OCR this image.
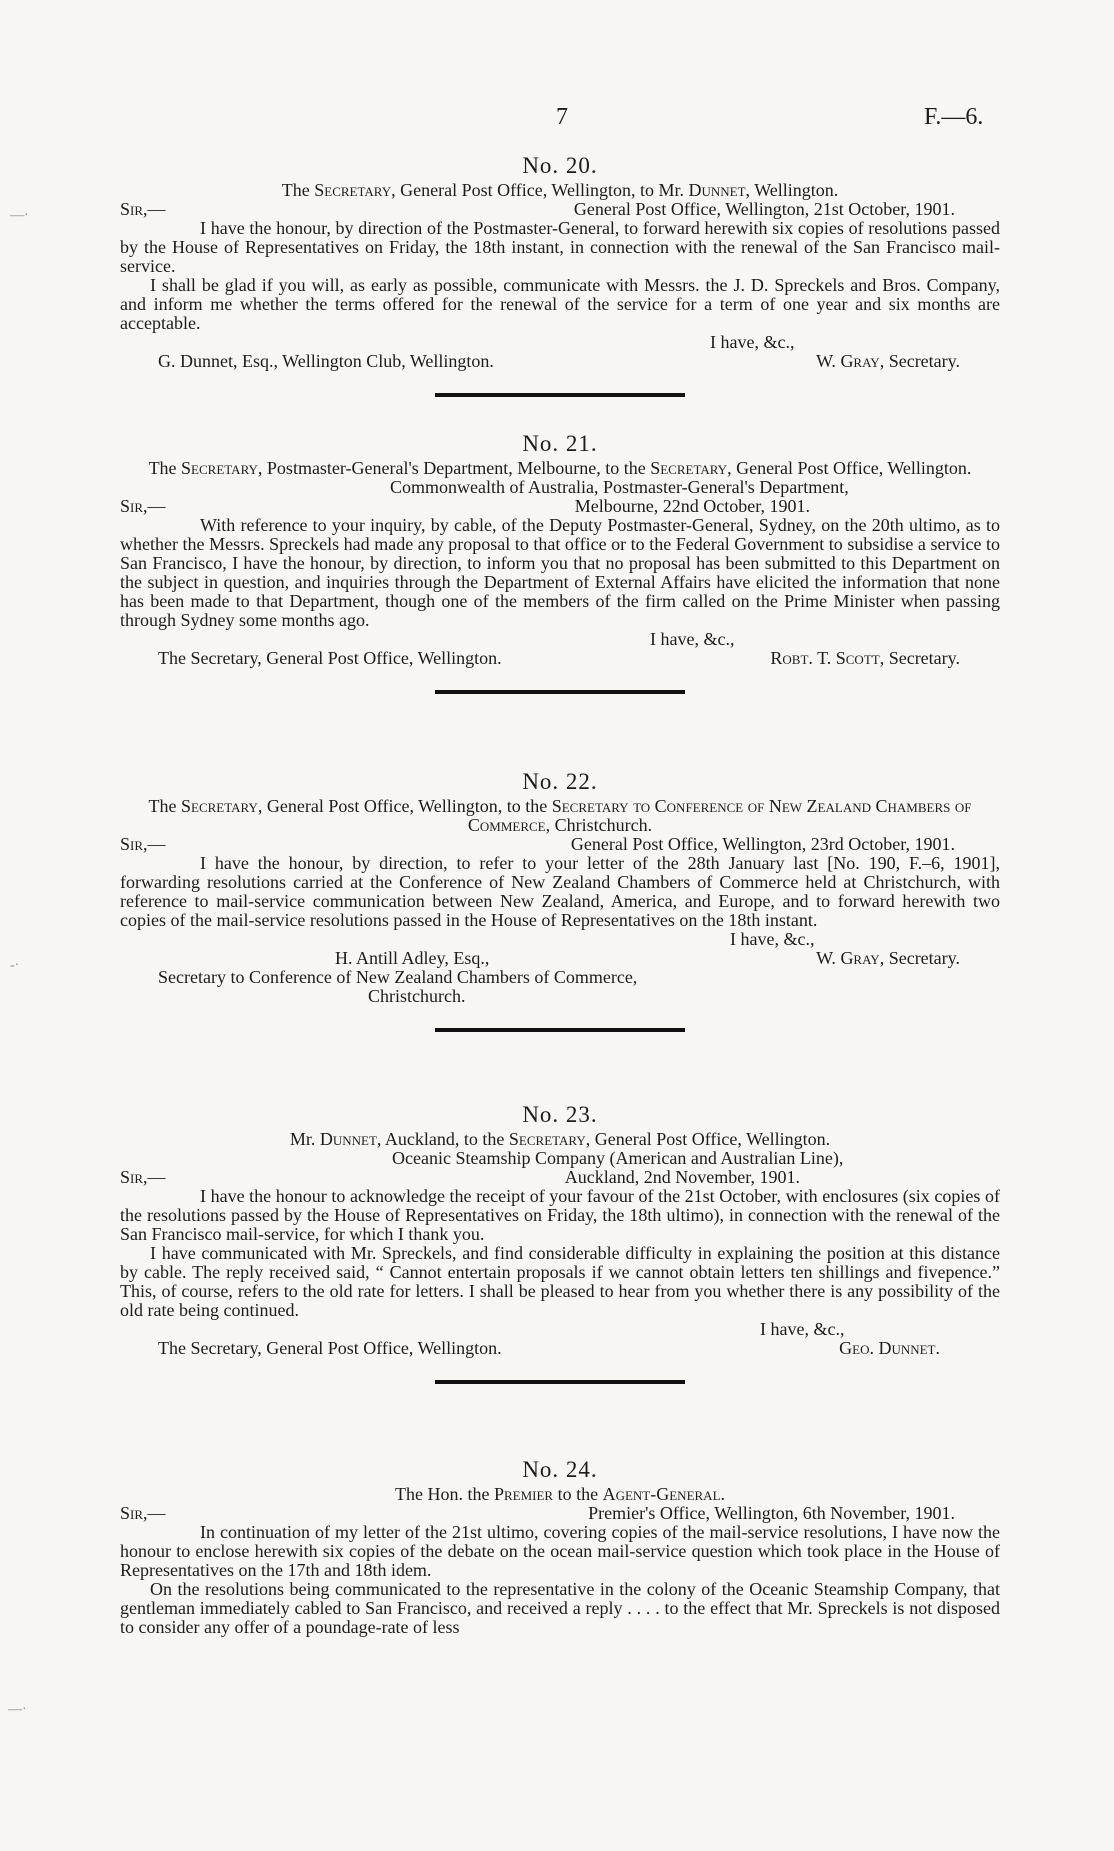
7	F.—6.
—·
-·
—·
No. 20.
The Secretary, General Post Office, Wellington, to Mr. Dunnet, Wellington.
Sir,—	General Post Office, Wellington, 21st October, 1901.

I have the honour, by direction of the Postmaster-General, to forward herewith six copies of resolutions passed by the House of Representatives on Friday, the 18th instant, in connection with the renewal of the San Francisco mail-service.

I shall be glad if you will, as early as possible, communicate with Messrs. the J. D. Spreckels and Bros. Company, and inform me whether the terms offered for the renewal of the service for a term of one year and six months are acceptable.

I have, &c.,
G. Dunnet, Esq., Wellington Club, Wellington.	W. Gray, Secretary.
No. 21.
The Secretary, Postmaster-General's Department, Melbourne, to the Secretary, General Post Office, Wellington.
Commonwealth of Australia, Postmaster-General's Department,
Sir,—	Melbourne, 22nd October, 1901.

With reference to your inquiry, by cable, of the Deputy Postmaster-General, Sydney, on the 20th ultimo, as to whether the Messrs. Spreckels had made any proposal to that office or to the Federal Government to subsidise a service to San Francisco, I have the honour, by direction, to inform you that no proposal has been submitted to this Department on the subject in question, and inquiries through the Department of External Affairs have elicited the information that none has been made to that Department, though one of the members of the firm called on the Prime Minister when passing through Sydney some months ago.

I have, &c.,
The Secretary, General Post Office, Wellington.	Robt. T. Scott, Secretary.
No. 22.
The Secretary, General Post Office, Wellington, to the Secretary to Conference of New Zealand Chambers of Commerce, Christchurch.
Sir,—	General Post Office, Wellington, 23rd October, 1901.

I have the honour, by direction, to refer to your letter of the 28th January last [No. 190, F.–6, 1901], forwarding resolutions carried at the Conference of New Zealand Chambers of Commerce held at Christchurch, with reference to mail-service communication between New Zealand, America, and Europe, and to forward herewith two copies of the mail-service resolutions passed in the House of Representatives on the 18th instant.

I have, &c.,
H. Antill Adley, Esq.,	W. Gray, Secretary.
Secretary to Conference of New Zealand Chambers of Commerce,
Christchurch.
No. 23.
Mr. Dunnet, Auckland, to the Secretary, General Post Office, Wellington.
Oceanic Steamship Company (American and Australian Line),
Sir,—	Auckland, 2nd November, 1901.

I have the honour to acknowledge the receipt of your favour of the 21st October, with enclosures (six copies of the resolutions passed by the House of Representatives on Friday, the 18th ultimo), in connection with the renewal of the San Francisco mail-service, for which I thank you.

I have communicated with Mr. Spreckels, and find considerable difficulty in explaining the position at this distance by cable. The reply received said, “ Cannot entertain proposals if we cannot obtain letters ten shillings and fivepence.” This, of course, refers to the old rate for letters. I shall be pleased to hear from you whether there is any possibility of the old rate being continued.

I have, &c.,
The Secretary, General Post Office, Wellington.	Geo. Dunnet.
No. 24.
The Hon. the Premier to the Agent-General.
Sir,—	Premier's Office, Wellington, 6th November, 1901.

In continuation of my letter of the 21st ultimo, covering copies of the mail-service resolutions, I have now the honour to enclose herewith six copies of the debate on the ocean mail-service question which took place in the House of Representatives on the 17th and 18th idem.

On the resolutions being communicated to the representative in the colony of the Oceanic Steamship Company, that gentleman immediately cabled to San Francisco, and received a reply . . . . to the effect that Mr. Spreckels is not disposed to consider any offer of a poundage-rate of less
